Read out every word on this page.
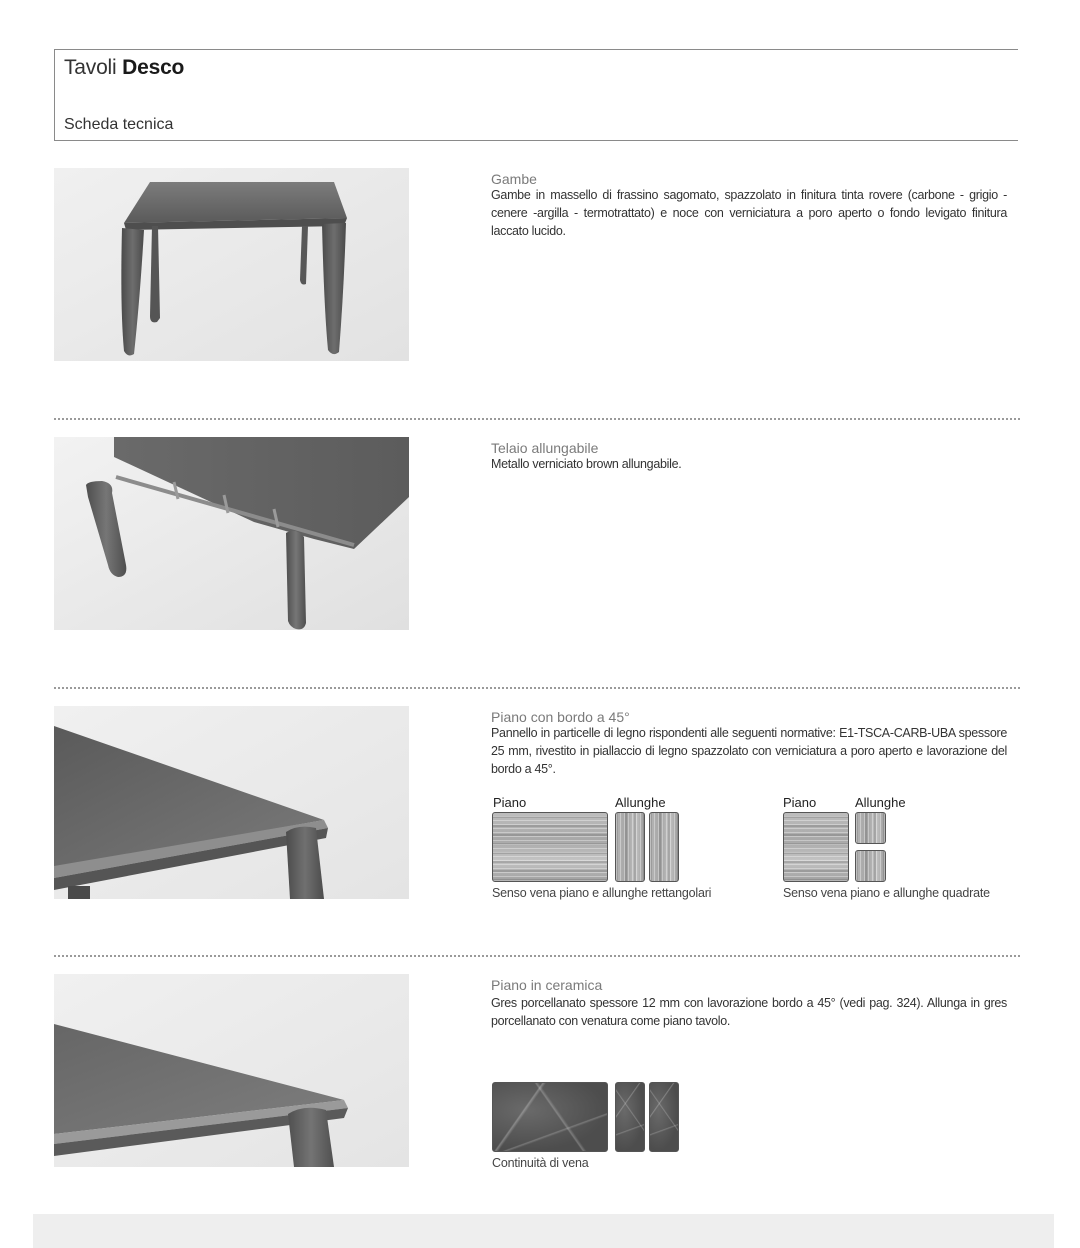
Tavoli Desco
Scheda tecnica
Gambe
Gambe in massello di frassino sagomato, spazzolato in finitura tinta rovere (carbone - grigio - cenere -argilla - termotrattato) e noce con verniciatura a poro aperto o fondo levigato finitura laccato lucido.
Telaio allungabile
Metallo verniciato brown allungabile.
Piano con bordo a 45°
Pannello in particelle di legno rispondenti alle seguenti normative: E1-TSCA-CARB-UBA spessore 25 mm, rivestito in piallaccio di legno spazzolato con verniciatura a poro aperto e lavorazione del bordo a 45°.
Piano	Allunghe
Senso vena piano e allunghe rettangolari
Piano	Allunghe
Senso vena piano e allunghe quadrate
Piano in ceramica
Gres porcellanato spessore 12 mm con lavorazione bordo a 45° (vedi pag. 324). Allunga in gres porcellanato con venatura come piano tavolo.
Continuità di vena
